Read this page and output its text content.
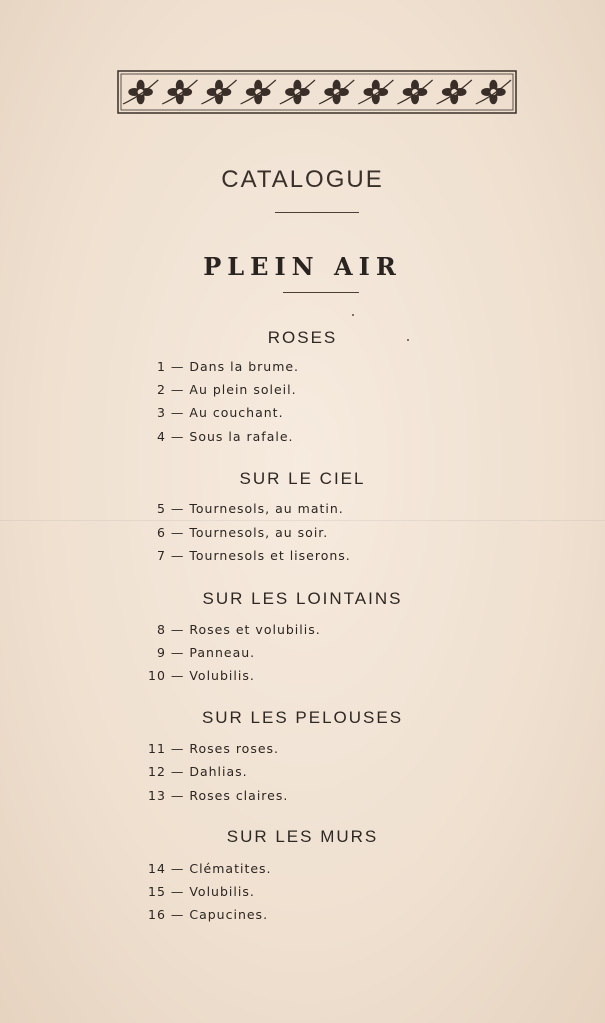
CATALOGUE
PLEIN AIR
ROSES
1 — Dans la brume.
2 — Au plein soleil.
3 — Au couchant.
4 — Sous la rafale.
SUR LE CIEL
5 — Tournesols, au matin.
6 — Tournesols, au soir.
7 — Tournesols et liserons.
SUR LES LOINTAINS
8 — Roses et volubilis.
9 — Panneau.
10 — Volubilis.
SUR LES PELOUSES
11 — Roses roses.
12 — Dahlias.
13 — Roses claires.
SUR LES MURS
14 — Clématites.
15 — Volubilis.
16 — Capucines.
